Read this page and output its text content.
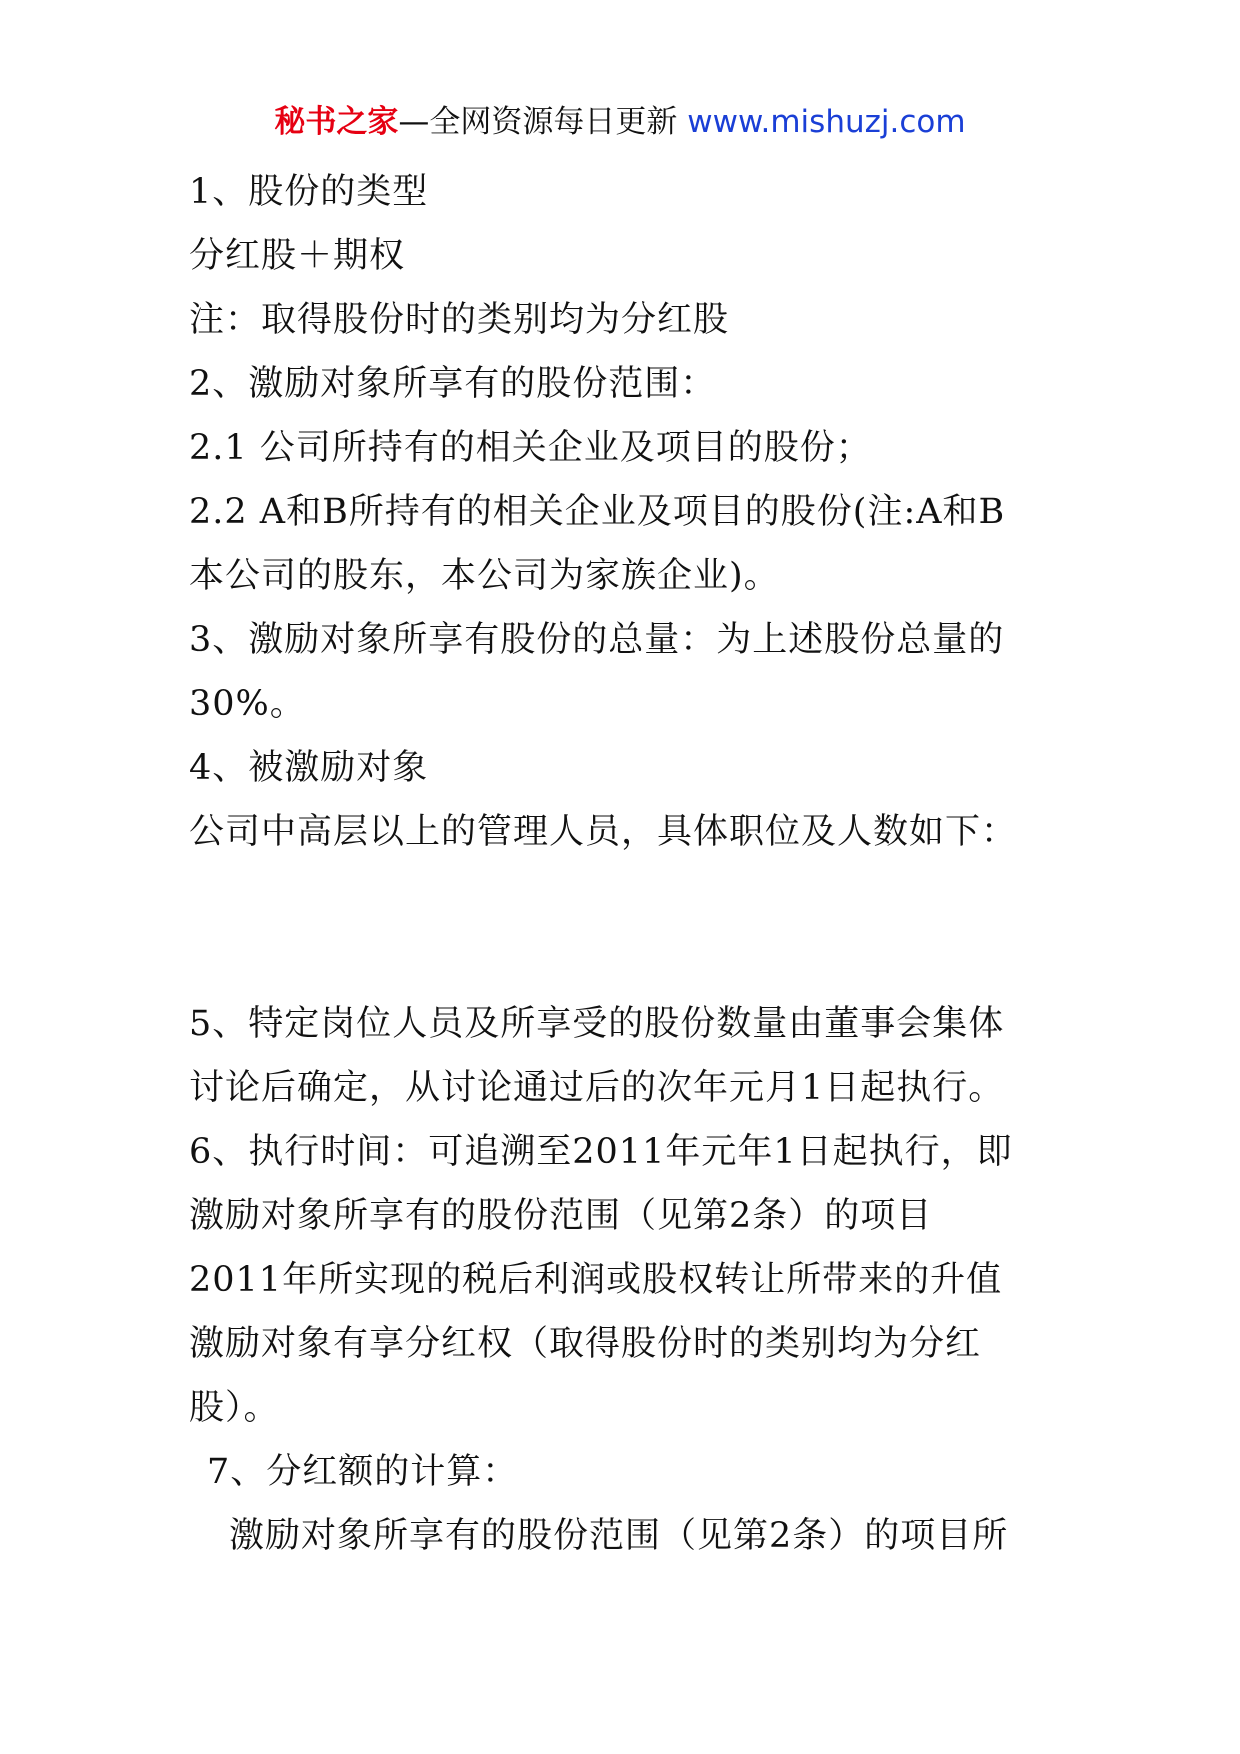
秘书之家—全网资源每日更新 www.mishuzj.com
1、股份的类型
分红股＋期权
注：取得股份时的类别均为分红股
2、激励对象所享有的股份范围：
2.1 公司所持有的相关企业及项目的股份；
2.2 A和B所持有的相关企业及项目的股份(注:A和B
本公司的股东，本公司为家族企业)。
3、激励对象所享有股份的总量：为上述股份总量的
30%。
4、被激励对象
公司中高层以上的管理人员，具体职位及人数如下：
5、特定岗位人员及所享受的股份数量由董事会集体
讨论后确定，从讨论通过后的次年元月1日起执行。
6、执行时间：可追溯至2011年元年1日起执行，即
激励对象所享有的股份范围（见第2条）的项目
2011年所实现的税后利润或股权转让所带来的升值
激励对象有享分红权（取得股份时的类别均为分红
股）。
7、分红额的计算：
激励对象所享有的股份范围（见第2条）的项目所
